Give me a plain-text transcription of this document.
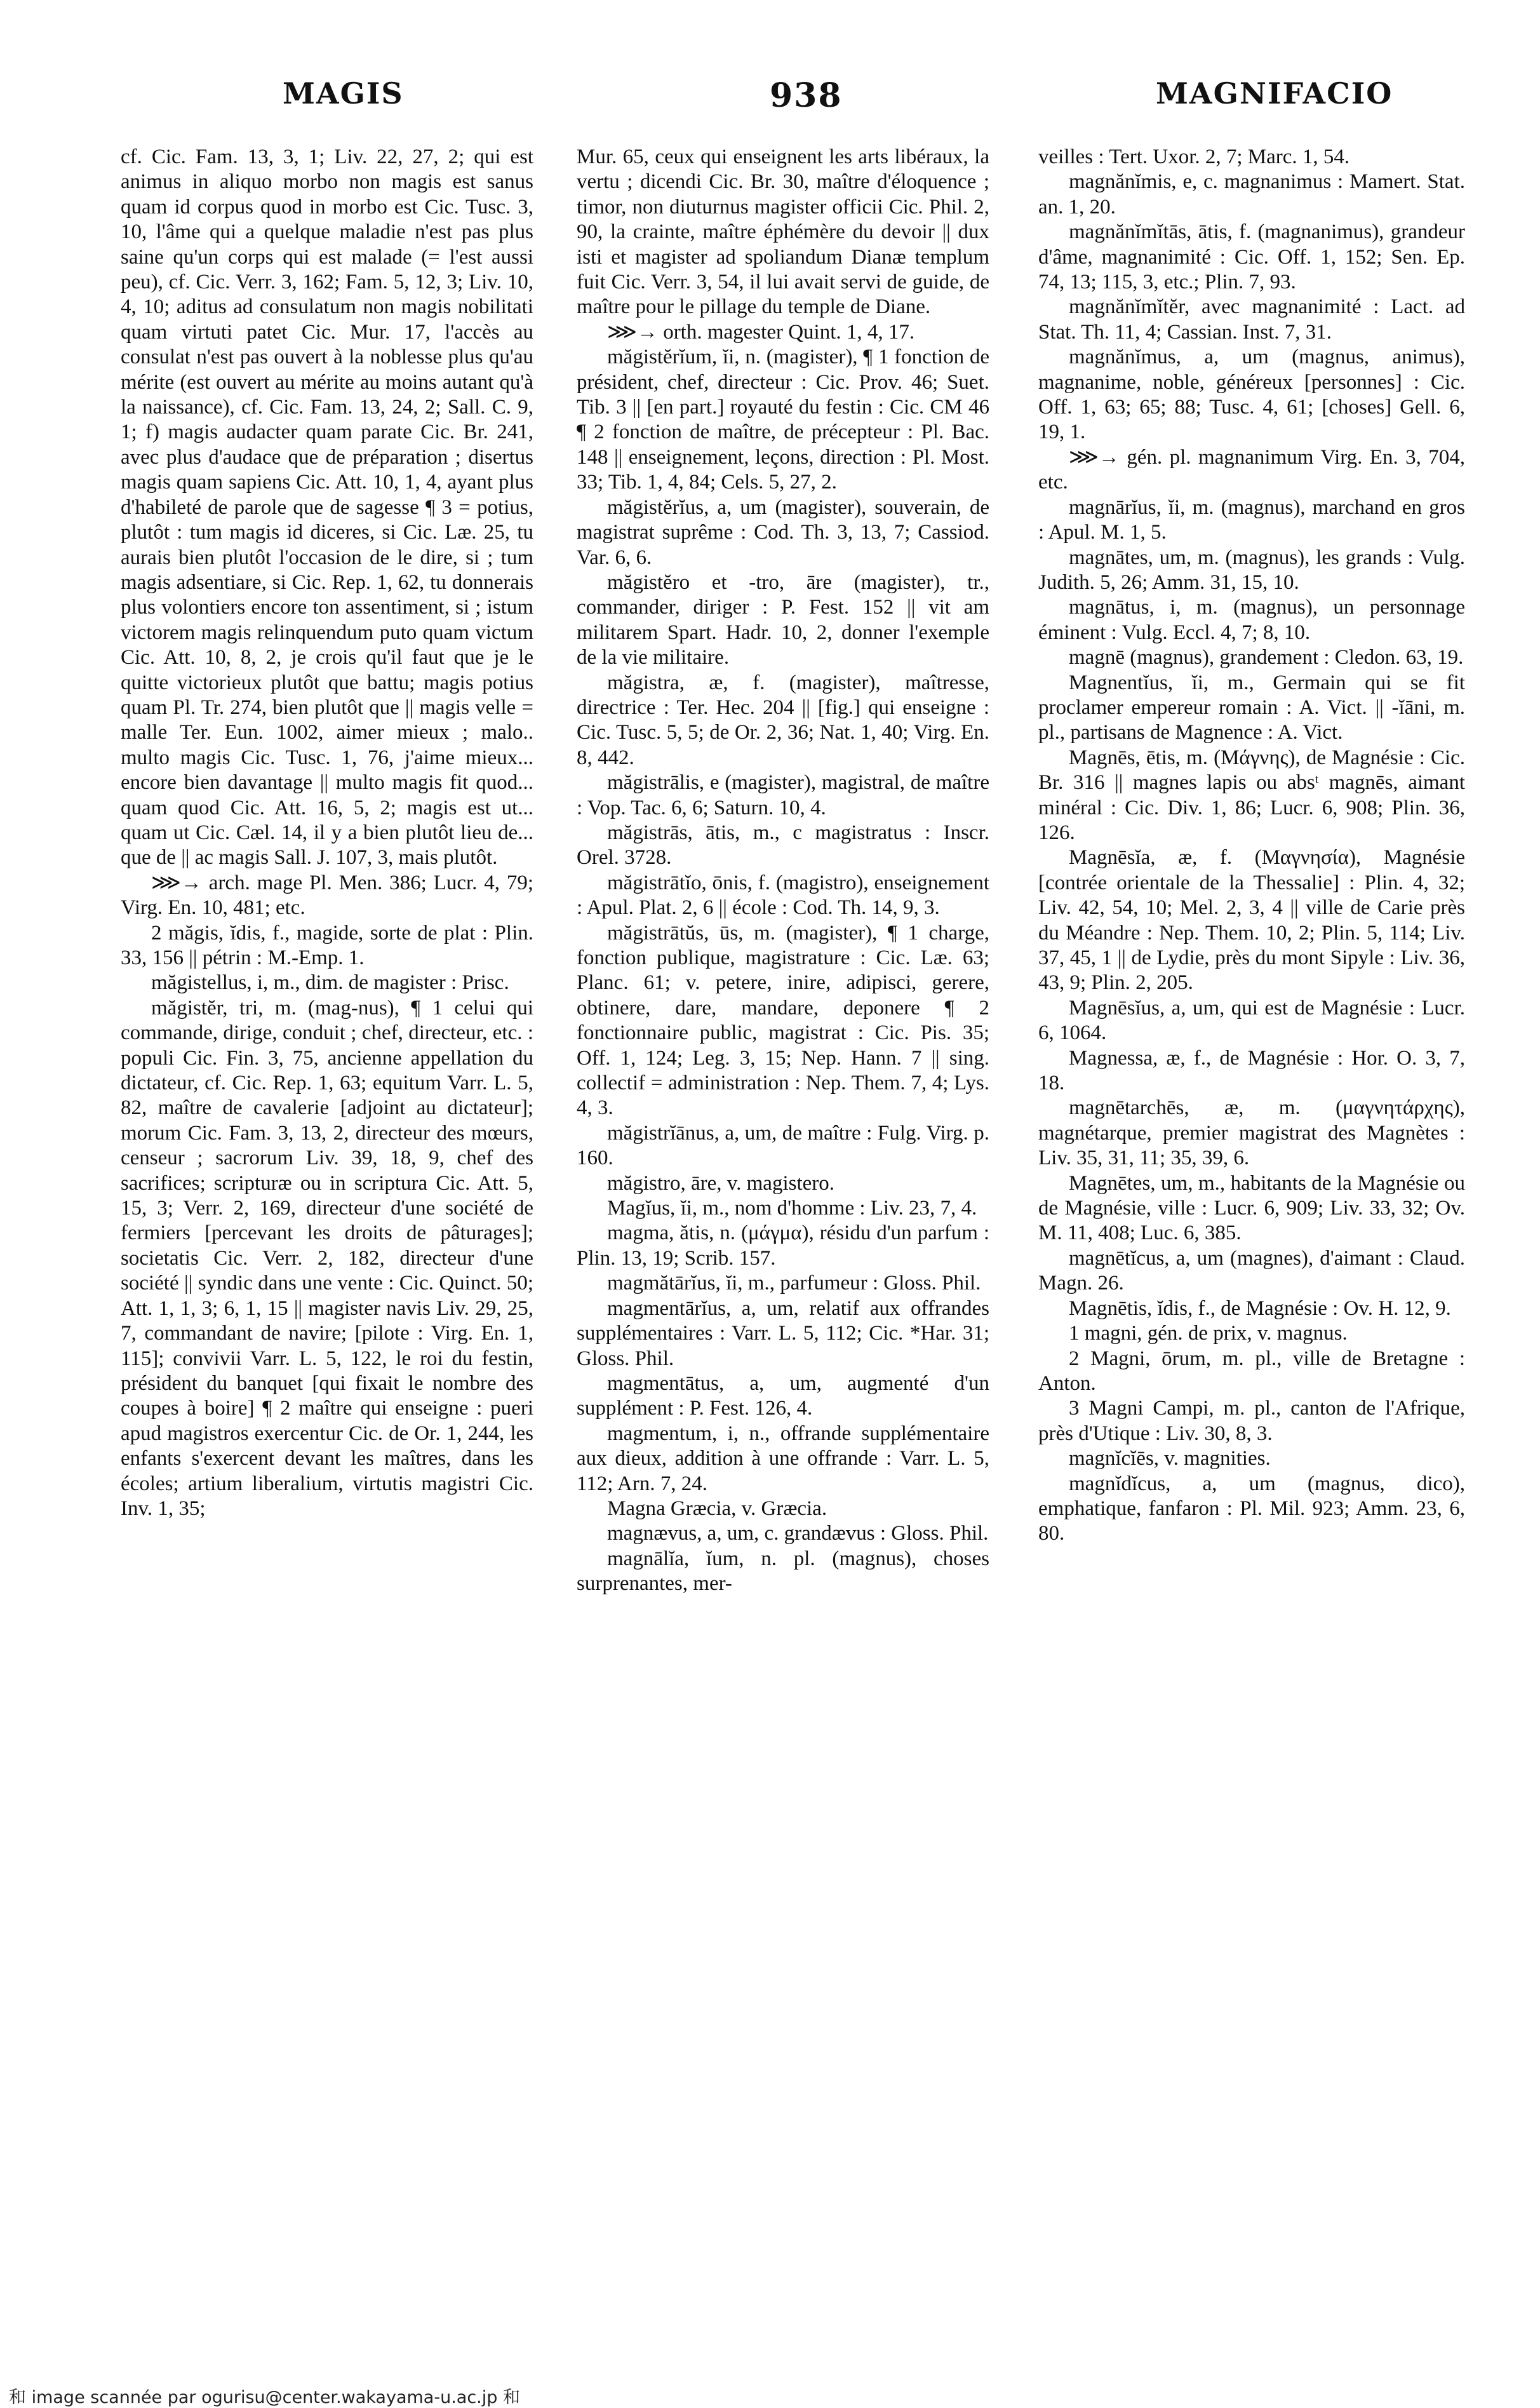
MAGIS	938	MAGNIFACIO

cf. Cic. Fam. 13, 3, 1; Liv. 22, 27, 2; qui est animus in aliquo morbo non magis est sanus quam id corpus quod in morbo est Cic. Tusc. 3, 10, l'âme qui a quelque maladie n'est pas plus saine qu'un corps qui est malade (= l'est aussi peu), cf. Cic. Verr. 3, 162; Fam. 5, 12, 3; Liv. 10, 4, 10; aditus ad consulatum non magis nobilitati quam virtuti patet Cic. Mur. 17, l'accès au consulat n'est pas ouvert à la noblesse plus qu'au mérite (est ouvert au mérite au moins autant qu'à la naissance), cf. Cic. Fam. 13, 24, 2; Sall. C. 9, 1; f) magis audacter quam parate Cic. Br. 241, avec plus d'audace que de préparation ; disertus magis quam sapiens Cic. Att. 10, 1, 4, ayant plus d'habileté de parole que de sagesse ¶ 3 = potius, plutôt : tum magis id diceres, si Cic. Læ. 25, tu aurais bien plutôt l'occasion de le dire, si ; tum magis adsentiare, si Cic. Rep. 1, 62, tu donnerais plus volontiers encore ton assentiment, si ; istum victorem magis relinquendum puto quam victum Cic. Att. 10, 8, 2, je crois qu'il faut que je le quitte victorieux plutôt que battu; magis potius quam Pl. Tr. 274, bien plutôt que || magis velle = malle Ter. Eun. 1002, aimer mieux ; malo.. multo magis Cic. Tusc. 1, 76, j'aime mieux... encore bien davantage || multo magis fit quod... quam quod Cic. Att. 16, 5, 2; magis est ut... quam ut Cic. Cæl. 14, il y a bien plutôt lieu de... que de || ac magis Sall. J. 107, 3, mais plutôt.

⋙→ arch. mage Pl. Men. 386; Lucr. 4, 79; Virg. En. 10, 481; etc.

2 măgis, ĭdis, f., magide, sorte de plat : Plin. 33, 156 || pétrin : M.-Emp. 1.

măgistellus, i, m., dim. de magister : Prisc.

măgistĕr, tri, m. (mag-nus), ¶ 1 celui qui commande, dirige, conduit ; chef, directeur, etc. : populi Cic. Fin. 3, 75, ancienne appellation du dictateur, cf. Cic. Rep. 1, 63; equitum Varr. L. 5, 82, maître de cavalerie [adjoint au dictateur]; morum Cic. Fam. 3, 13, 2, directeur des mœurs, censeur ; sacrorum Liv. 39, 18, 9, chef des sacrifices; scripturæ ou in scriptura Cic. Att. 5, 15, 3; Verr. 2, 169, directeur d'une société de fermiers [percevant les droits de pâturages]; societatis Cic. Verr. 2, 182, directeur d'une société || syndic dans une vente : Cic. Quinct. 50; Att. 1, 1, 3; 6, 1, 15 || magister navis Liv. 29, 25, 7, commandant de navire; [pilote : Virg. En. 1, 115]; convivii Varr. L. 5, 122, le roi du festin, président du banquet [qui fixait le nombre des coupes à boire] ¶ 2 maître qui enseigne : pueri apud magistros exercentur Cic. de Or. 1, 244, les enfants s'exercent devant les maîtres, dans les écoles; artium liberalium, virtutis magistri Cic. Inv. 1, 35;

Mur. 65, ceux qui enseignent les arts libéraux, la vertu ; dicendi Cic. Br. 30, maître d'éloquence ; timor, non diuturnus magister officii Cic. Phil. 2, 90, la crainte, maître éphémère du devoir || dux isti et magister ad spoliandum Dianæ templum fuit Cic. Verr. 3, 54, il lui avait servi de guide, de maître pour le pillage du temple de Diane.

⋙→ orth. magester Quint. 1, 4, 17.

măgistĕrĭum, ĭi, n. (magister), ¶ 1 fonction de président, chef, directeur : Cic. Prov. 46; Suet. Tib. 3 || [en part.] royauté du festin : Cic. CM 46 ¶ 2 fonction de maître, de précepteur : Pl. Bac. 148 || enseignement, leçons, direction : Pl. Most. 33; Tib. 1, 4, 84; Cels. 5, 27, 2.

măgistĕrĭus, a, um (magister), souverain, de magistrat suprême : Cod. Th. 3, 13, 7; Cassiod. Var. 6, 6.

măgistĕro et -tro, āre (magister), tr., commander, diriger : P. Fest. 152 || vit am militarem Spart. Hadr. 10, 2, donner l'exemple de la vie militaire.

măgistra, æ, f. (magister), maîtresse, directrice : Ter. Hec. 204 || [fig.] qui enseigne : Cic. Tusc. 5, 5; de Or. 2, 36; Nat. 1, 40; Virg. En. 8, 442.

măgistrālis, e (magister), magistral, de maître : Vop. Tac. 6, 6; Saturn. 10, 4.

măgistrās, ātis, m., c magistratus : Inscr. Orel. 3728.

măgistrātĭo, ōnis, f. (magistro), enseignement : Apul. Plat. 2, 6 || école : Cod. Th. 14, 9, 3.

măgistrātŭs, ūs, m. (magister), ¶ 1 charge, fonction publique, magistrature : Cic. Læ. 63; Planc. 61; v. petere, inire, adipisci, gerere, obtinere, dare, mandare, deponere ¶ 2 fonctionnaire public, magistrat : Cic. Pis. 35; Off. 1, 124; Leg. 3, 15; Nep. Hann. 7 || sing. collectif = administration : Nep. Them. 7, 4; Lys. 4, 3.

măgistrĭānus, a, um, de maître : Fulg. Virg. p. 160.

măgistro, āre, v. magistero.

Magĭus, ĭi, m., nom d'homme : Liv. 23, 7, 4.

magma, ătis, n. (μάγμα), résidu d'un parfum : Plin. 13, 19; Scrib. 157.

magmătārĭus, ĭi, m., parfumeur : Gloss. Phil.

magmentārĭus, a, um, relatif aux offrandes supplémentaires : Varr. L. 5, 112; Cic. *Har. 31; Gloss. Phil.

magmentātus, a, um, augmenté d'un supplément : P. Fest. 126, 4.

magmentum, i, n., offrande supplémentaire aux dieux, addition à une offrande : Varr. L. 5, 112; Arn. 7, 24.

Magna Græcia, v. Græcia.

magnævus, a, um, c. grandævus : Gloss. Phil.

magnālĭa, ĭum, n. pl. (magnus), choses surprenantes, mer-

veilles : Tert. Uxor. 2, 7; Marc. 1, 54.

magnănĭmis, e, c. magnanimus : Mamert. Stat. an. 1, 20.

magnănĭmĭtās, ātis, f. (magnanimus), grandeur d'âme, magnanimité : Cic. Off. 1, 152; Sen. Ep. 74, 13; 115, 3, etc.; Plin. 7, 93.

magnănĭmĭtĕr, avec magnanimité : Lact. ad Stat. Th. 11, 4; Cassian. Inst. 7, 31.

magnănĭmus, a, um (magnus, animus), magnanime, noble, généreux [personnes] : Cic. Off. 1, 63; 65; 88; Tusc. 4, 61; [choses] Gell. 6, 19, 1.

⋙→ gén. pl. magnanimum Virg. En. 3, 704, etc.

magnārĭus, ĭi, m. (magnus), marchand en gros : Apul. M. 1, 5.

magnātes, um, m. (magnus), les grands : Vulg. Judith. 5, 26; Amm. 31, 15, 10.

magnātus, i, m. (magnus), un personnage éminent : Vulg. Eccl. 4, 7; 8, 10.

magnē (magnus), grandement : Cledon. 63, 19.

Magnentĭus, ĭi, m., Germain qui se fit proclamer empereur romain : A. Vict. || -ĭāni, m. pl., partisans de Magnence : A. Vict.

Magnēs, ētis, m. (Μάγνης), de Magnésie : Cic. Br. 316 || magnes lapis ou absᵗ magnēs, aimant minéral : Cic. Div. 1, 86; Lucr. 6, 908; Plin. 36, 126.

Magnēsĭa, æ, f. (Μαγνησία), Magnésie [contrée orientale de la Thessalie] : Plin. 4, 32; Liv. 42, 54, 10; Mel. 2, 3, 4 || ville de Carie près du Méandre : Nep. Them. 10, 2; Plin. 5, 114; Liv. 37, 45, 1 || de Lydie, près du mont Sipyle : Liv. 36, 43, 9; Plin. 2, 205.

Magnēsĭus, a, um, qui est de Magnésie : Lucr. 6, 1064.

Magnessa, æ, f., de Magnésie : Hor. O. 3, 7, 18.

magnētarchēs, æ, m. (μαγνητάρχης), magnétarque, premier magistrat des Magnètes : Liv. 35, 31, 11; 35, 39, 6.

Magnētes, um, m., habitants de la Magnésie ou de Magnésie, ville : Lucr. 6, 909; Liv. 33, 32; Ov. M. 11, 408; Luc. 6, 385.

magnētĭcus, a, um (magnes), d'aimant : Claud. Magn. 26.

Magnētis, ĭdis, f., de Magnésie : Ov. H. 12, 9.

1 magni, gén. de prix, v. magnus.

2 Magni, ōrum, m. pl., ville de Bretagne : Anton.

3 Magni Campi, m. pl., canton de l'Afrique, près d'Utique : Liv. 30, 8, 3.

magnĭcĭēs, v. magnities.

magnĭdĭcus, a, um (magnus, dico), emphatique, fanfaron : Pl. Mil. 923; Amm. 23, 6, 80.

和 image scannée par ogurisu@center.wakayama-u.ac.jp 和
